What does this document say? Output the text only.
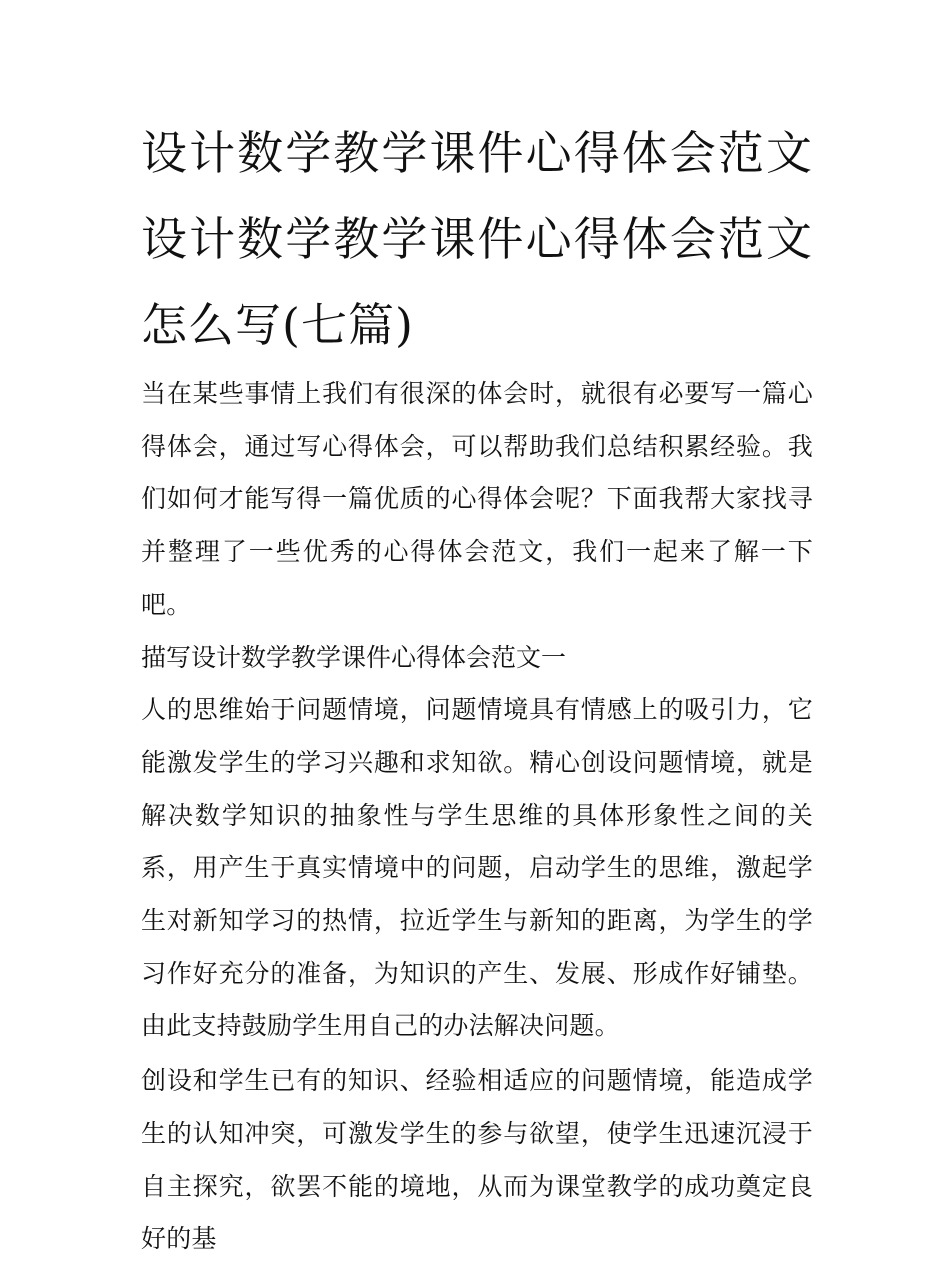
设计数学教学课件心得体会范文 设计数学教学课件心得体会范文怎么写(七篇)

当在某些事情上我们有很深的体会时，就很有必要写一篇心得体会，通过写心得体会，可以帮助我们总结积累经验。我们如何才能写得一篇优质的心得体会呢？下面我帮大家找寻并整理了一些优秀的心得体会范文，我们一起来了解一下吧。

描写设计数学教学课件心得体会范文一

人的思维始于问题情境，问题情境具有情感上的吸引力，它能激发学生的学习兴趣和求知欲。精心创设问题情境，就是解决数学知识的抽象性与学生思维的具体形象性之间的关系，用产生于真实情境中的问题，启动学生的思维，激起学生对新知学习的热情，拉近学生与新知的距离，为学生的学习作好充分的准备，为知识的产生、发展、形成作好铺垫。由此支持鼓励学生用自己的办法解决问题。

创设和学生已有的知识、经验相适应的问题情境，能造成学生的认知冲突，可激发学生的参与欲望，使学生迅速沉浸于自主探究，欲罢不能的境地，从而为课堂教学的成功奠定良好的基
